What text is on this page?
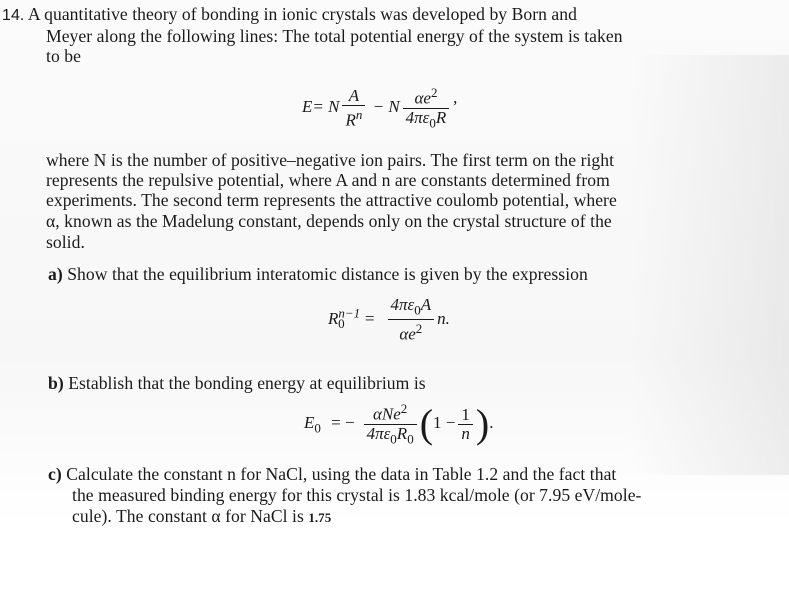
14. A quantitative theory of bonding in ionic crystals was developed by Born and
Meyer along the following lines: The total potential energy of the system is taken
to be
E= N $\frac{A}{R^n} - N \frac{\alpha e^2}{4\pi\varepsilon_0R}$ ’
where N is the number of positive–negative ion pairs. The first term on the right
represents the repulsive potential, where A and n are constants determined from
experiments. The second term represents the attractive coulomb potential, where
α, known as the Madelung constant, depends only on the crystal structure of the
solid.
a) Show that the equilibrium interatomic distance is given by the expression
$R^{n-1}_0 = \frac{4\pi\varepsilon_0A}{\alpha e^2} n$.
b) Establish that the bonding energy at equilibrium is
$E_0$ = − $\frac{\alpha Ne^2}{4\pi\varepsilon_0R_0} (1 - \frac{1}{n}$ ).
c) Calculate the constant n for NaCl, using the data in Table 1.2 and the fact that
the measured binding energy for this crystal is 1.83 kcal/mole (or 7.95 eV/mole-
cule). The constant α for NaCl is 1.75
